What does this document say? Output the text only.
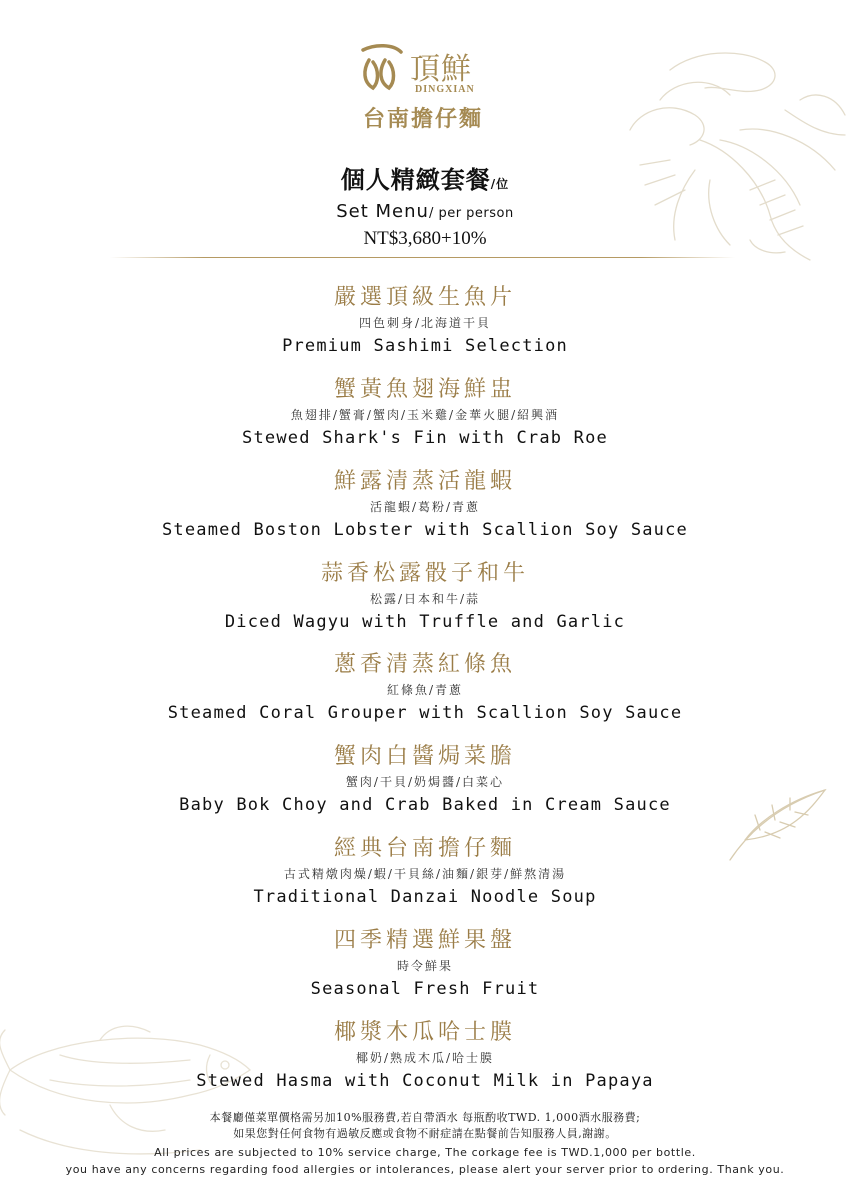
頂鮮
DINGXIAN
台南擔仔麵
個人精緻套餐/位
Set Menu/ per person
NT$3,680+10%
嚴選頂級生魚片
四色刺身/北海道干貝
Premium Sashimi Selection
蟹黃魚翅海鮮盅
魚翅排/蟹膏/蟹肉/玉米雞/金華火腿/紹興酒
Stewed Shark's Fin with Crab Roe
鮮露清蒸活龍蝦
活龍蝦/葛粉/青蔥
Steamed Boston Lobster with Scallion Soy Sauce
蒜香松露骰子和牛
松露/日本和牛/蒜
Diced Wagyu with Truffle and Garlic
蔥香清蒸紅條魚
紅條魚/青蔥
Steamed Coral Grouper with Scallion Soy Sauce
蟹肉白醬焗菜膽
蟹肉/干貝/奶焗醬/白菜心
Baby Bok Choy and Crab Baked in Cream Sauce
經典台南擔仔麵
古式精燉肉燥/蝦/干貝絲/油麵/銀芽/鮮熬清湯
Traditional Danzai Noodle Soup
四季精選鮮果盤
時令鮮果
Seasonal Fresh Fruit
椰漿木瓜哈士膜
椰奶/熟成木瓜/哈士膜
Stewed Hasma with Coconut Milk in Papaya
本餐廳僅菜單價格需另加10%服務費,若自帶酒水 每瓶酌收TWD. 1,000酒水服務費;
如果您對任何食物有過敏反應或食物不耐症請在點餐前告知服務人員,謝謝。
All prices are subjected to 10% service charge, The corkage fee is TWD.1,000 per bottle.
you have any concerns regarding food allergies or intolerances, please alert your server prior to ordering. Thank you.
